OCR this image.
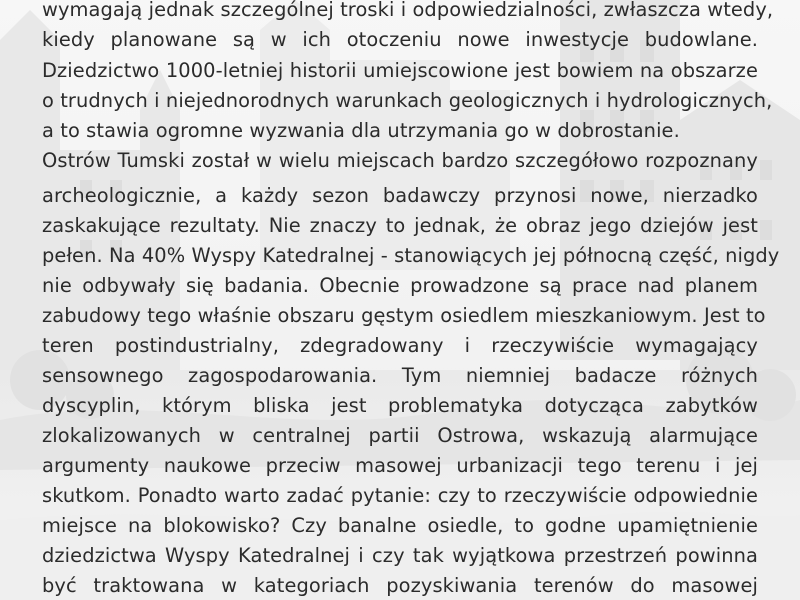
wymagają jednak szczególnej troski i odpowiedzialności, zwłaszcza wtedy,
kiedy planowane są w ich otoczeniu nowe inwestycje budowlane.
Dziedzictwo 1000-letniej historii umiejscowione jest bowiem na obszarze
o trudnych i niejednorodnych warunkach geologicznych i hydrologicznych,
a to stawia ogromne wyzwania dla utrzymania go w dobrostanie.
Ostrów Tumski został w wielu miejscach bardzo szczegółowo rozpoznany
archeologicznie, a każdy sezon badawczy przynosi nowe, nierzadko
zaskakujące rezultaty. Nie znaczy to jednak, że obraz jego dziejów jest
pełen. Na 40% Wyspy Katedralnej - stanowiących jej północną część, nigdy
nie odbywały się badania. Obecnie prowadzone są prace nad planem
zabudowy tego właśnie obszaru gęstym osiedlem mieszkaniowym. Jest to
teren postindustrialny, zdegradowany i rzeczywiście wymagający
sensownego zagospodarowania. Tym niemniej badacze różnych
dyscyplin, którym bliska jest problematyka dotycząca zabytków
zlokalizowanych w centralnej partii Ostrowa, wskazują alarmujące
argumenty naukowe przeciw masowej urbanizacji tego terenu i jej
skutkom. Ponadto warto zadać pytanie: czy to rzeczywiście odpowiednie
miejsce na blokowisko? Czy banalne osiedle, to godne upamiętnienie
dziedzictwa Wyspy Katedralnej i czy tak wyjątkowa przestrzeń powinna
być traktowana w kategoriach pozyskiwania terenów do masowej
